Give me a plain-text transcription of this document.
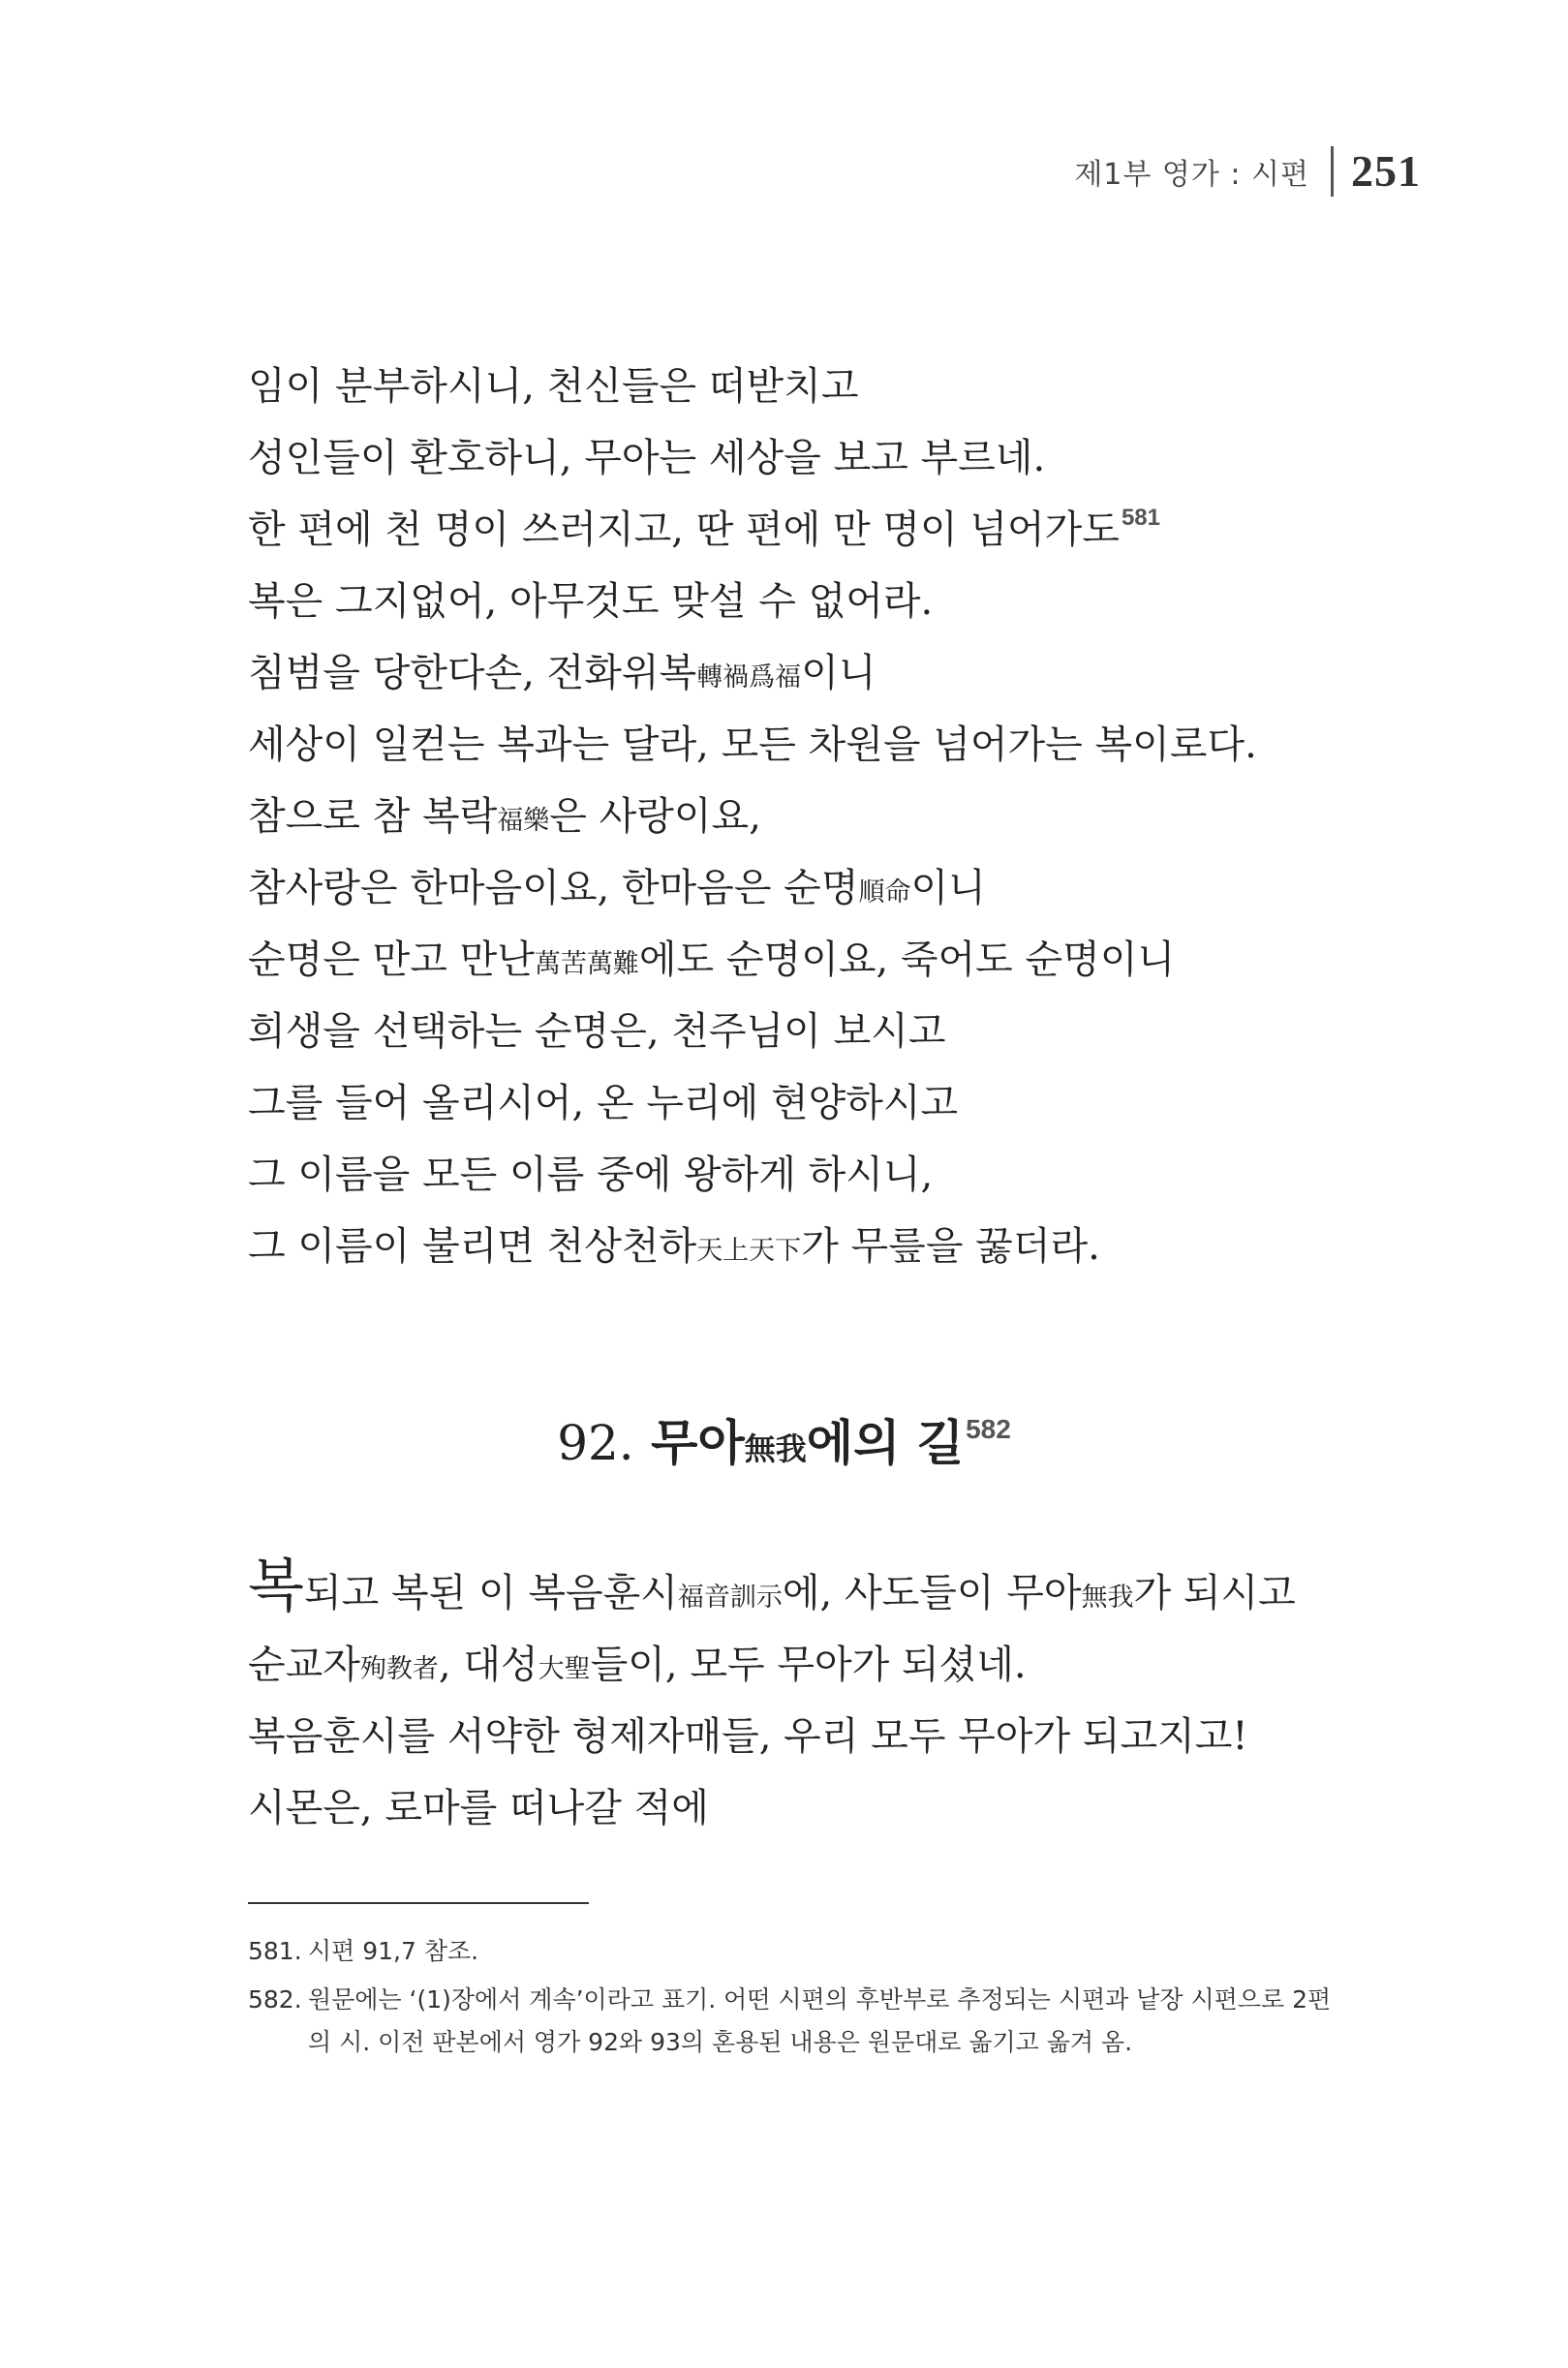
제1부 영가 : 시편 251
임이 분부하시니, 천신들은 떠받치고
성인들이 환호하니, 무아는 세상을 보고 부르네.
한 편에 천 명이 쓰러지고, 딴 편에 만 명이 넘어가도$^{581}$
복은 그지없어, 아무것도 맞설 수 없어라.
침범을 당한다손, 전화위복轉禍爲福이니
세상이 일컫는 복과는 달라, 모든 차원을 넘어가는 복이로다.
참으로 참 복락福樂은 사랑이요,
참사랑은 한마음이요, 한마음은 순명順命이니
순명은 만고 만난萬苦萬難에도 순명이요, 죽어도 순명이니
희생을 선택하는 순명은, 천주님이 보시고
그를 들어 올리시어, 온 누리에 현양하시고
그 이름을 모든 이름 중에 왕하게 하시니,
그 이름이 불리면 천상천하天上天下가 무릎을 꿇더라.
92. 무아無我에의 길$^{582}$
복되고 복된 이 복음훈시福音訓示에, 사도들이 무아無我가 되시고
순교자殉教者, 대성大聖들이, 모두 무아가 되셨네.
복음훈시를 서약한 형제자매들, 우리 모두 무아가 되고지고!
시몬은, 로마를 떠나갈 적에
581. 시편 91,7 참조.
582. 원문에는 ‘(1)장에서 계속’이라고 표기. 어떤 시편의 후반부로 추정되는 시편과 낱장 시편으로 2편의 시. 이전 판본에서 영가 92와 93의 혼용된 내용은 원문대로 옮기고 옮겨 옴.
